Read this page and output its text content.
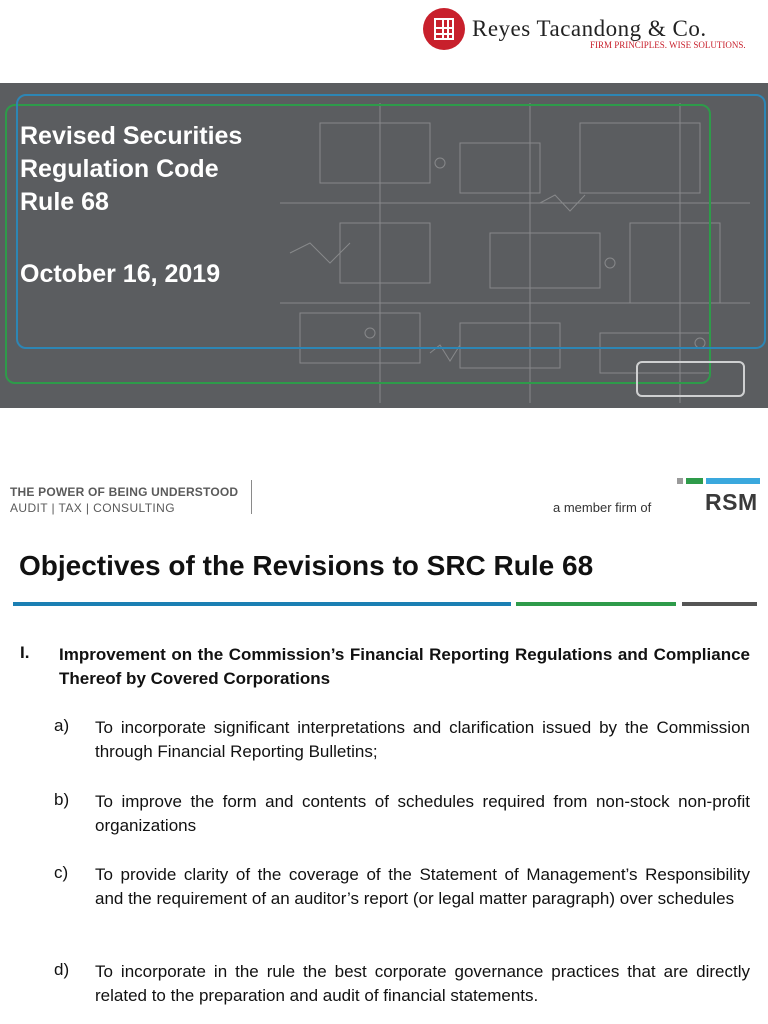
Reyes Tacandong & Co.
FIRM PRINCIPLES. WISE SOLUTIONS.
Revised Securities
Regulation Code
Rule 68
October 16, 2019
THE POWER OF BEING UNDERSTOOD
AUDIT | TAX | CONSULTING	a member firm of RSM
Objectives of the Revisions to SRC Rule 68
I. Improvement on the Commission’s Financial Reporting Regulations and Compliance Thereof by Covered Corporations
a) To incorporate significant interpretations and clarification issued by the Commission through Financial Reporting Bulletins;
b) To improve the form and contents of schedules required from non-stock non-profit organizations
c) To provide clarity of the coverage of the Statement of Management’s Responsibility and the requirement of an auditor’s report (or legal matter paragraph) over schedules
d) To incorporate in the rule the best corporate governance practices that are directly related to the preparation and audit of financial statements.
